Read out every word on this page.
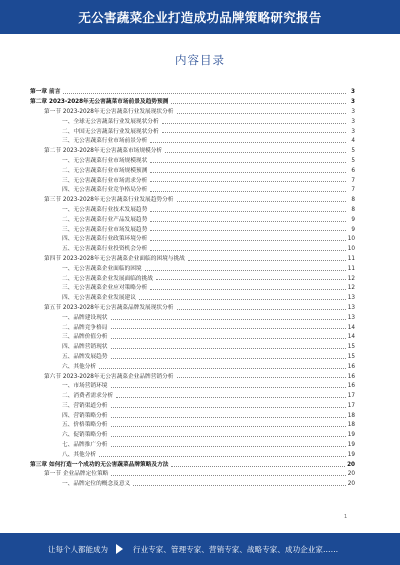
无公害蔬菜企业打造成功品牌策略研究报告
内容目录
第一章 前言	3
第二章 2023-2028年无公害蔬菜市场前景及趋势预测	3
第一节 2023-2028年无公害蔬菜行业发展现状分析	3
一、全球无公害蔬菜行业发展现状分析	3
二、中国无公害蔬菜行业发展现状分析	3
三、无公害蔬菜行业市场前景分析	4
第二节 2023-2028年无公害蔬菜市场规模分析	5
一、无公害蔬菜行业市场规模现状	5
二、无公害蔬菜行业市场规模预测	6
三、无公害蔬菜行业市场需求分析	7
四、无公害蔬菜行业竞争格局分析	7
第三节 2023-2028年无公害蔬菜行业发展趋势分析	8
一、无公害蔬菜行业技术发展趋势	8
二、无公害蔬菜行业产品发展趋势	9
三、无公害蔬菜行业市场发展趋势	9
四、无公害蔬菜行业政策环境分析	10
五、无公害蔬菜行业投资机会分析	10
第四节 2023-2028年无公害蔬菜企业面临的困境与挑战	11
一、无公害蔬菜企业面临的困境	11
二、无公害蔬菜企业发展面临的挑战	12
三、无公害蔬菜企业应对策略分析	12
四、无公害蔬菜企业发展建议	13
第五节 2023-2028年无公害蔬菜品牌发展现状分析	13
一、品牌建设现状	13
二、品牌竞争格局	14
三、品牌价值分析	14
四、品牌营销现状	15
五、品牌发展趋势	15
六、其他分析	16
第六节 2023-2028年无公害蔬菜企业品牌营销分析	16
一、市场营销环境	16
二、消费者需求分析	17
三、营销渠道分析	17
四、营销策略分析	18
五、价格策略分析	18
六、促销策略分析	19
七、品牌推广分析	19
八、其他分析	19
第三章 如何打造一个成功的无公害蔬菜品牌策略及方法	20
第一节 企业品牌定位策略	20
一、品牌定位的概念及意义	20
1
让每个人都能成为	行业专家、管理专家、营销专家、战略专家、成功企业家……
